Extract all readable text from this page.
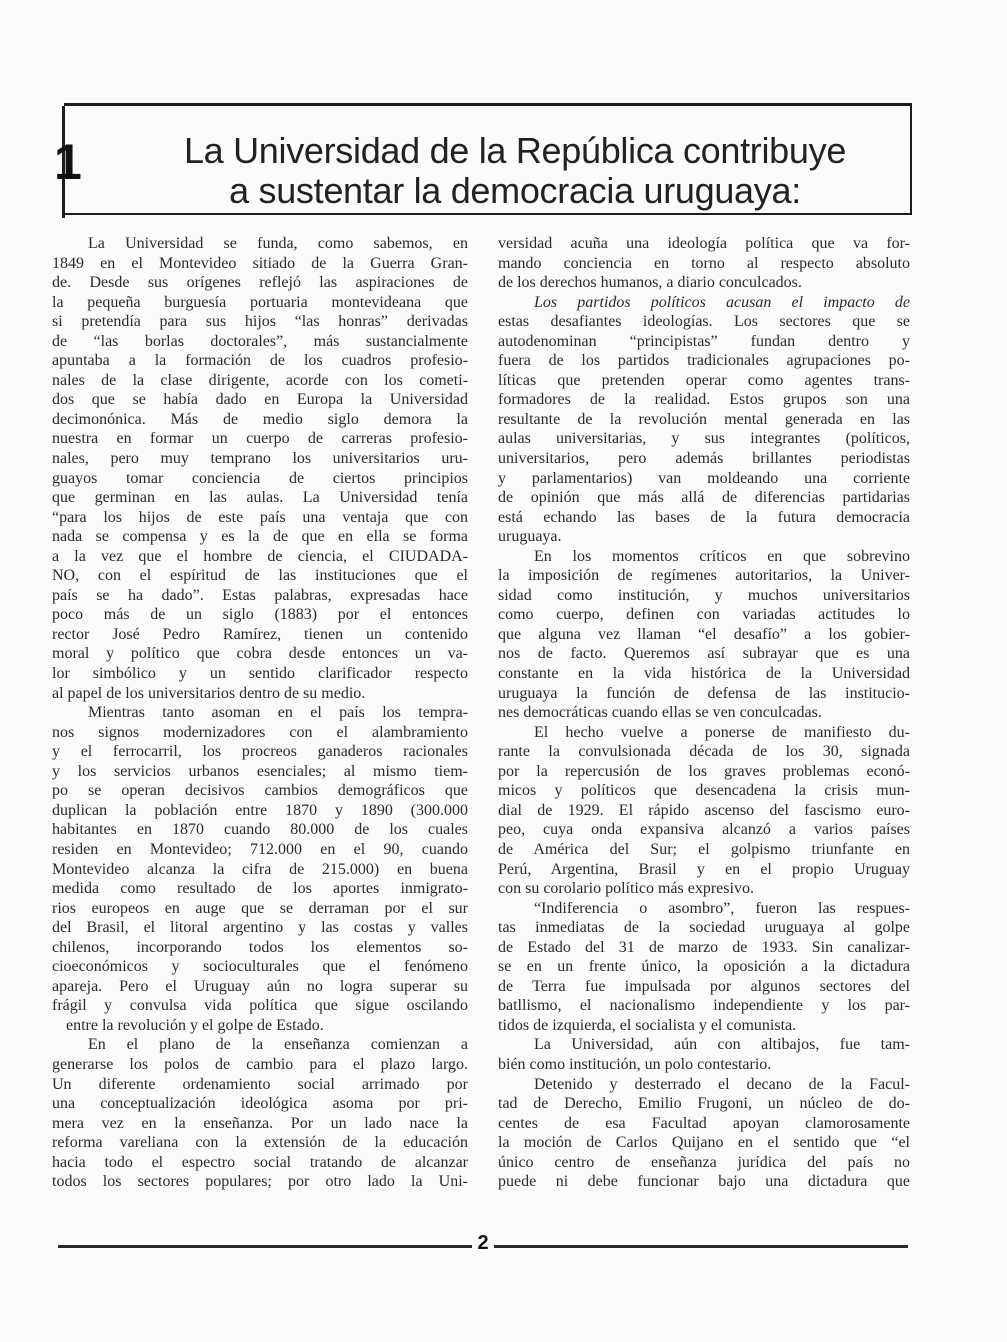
1	La Universidad de la República contribuye
a sustentar la democracia uruguaya:
La Universidad se funda, como sabemos, en
1849 en el Montevideo sitiado de la Guerra Gran-
de. Desde sus orígenes reflejó las aspiraciones de
la pequeña burguesía portuaria montevideana que
si pretendía para sus hijos “las honras” derivadas
de “las borlas doctorales”, más sustancialmente
apuntaba a la formación de los cuadros profesio-
nales de la clase dirigente, acorde con los cometi-
dos que se había dado en Europa la Universidad
decimonónica. Más de medio siglo demora la
nuestra en formar un cuerpo de carreras profesio-
nales, pero muy temprano los universitarios uru-
guayos tomar conciencia de ciertos principios
que germinan en las aulas. La Universidad tenía
“para los hijos de este país una ventaja que con
nada se compensa y es la de que en ella se forma
a la vez que el hombre de ciencia, el CIUDADA-
NO, con el espíritud de las instituciones que el
país se ha dado”. Estas palabras, expresadas hace
poco más de un siglo (1883) por el entonces
rector José Pedro Ramírez, tienen un contenido
moral y político que cobra desde entonces un va-
lor simbólico y un sentido clarificador respecto
al papel de los universitarios dentro de su medio.
Mientras tanto asoman en el país los tempra-
nos signos modernizadores con el alambramiento
y el ferrocarril, los procreos ganaderos racionales
y los servicios urbanos esenciales; al mismo tiem-
po se operan decisivos cambios demográficos que
duplican la población entre 1870 y 1890 (300.000
habitantes en 1870 cuando 80.000 de los cuales
residen en Montevideo; 712.000 en el 90, cuando
Montevideo alcanza la cifra de 215.000) en buena
medida como resultado de los aportes inmigrato-
rios europeos en auge que se derraman por el sur
del Brasil, el litoral argentino y las costas y valles
chilenos, incorporando todos los elementos so-
cioeconómicos y socioculturales que el fenómeno
apareja. Pero el Uruguay aún no logra superar su
frágil y convulsa vida política que sigue oscilando
entre la revolución y el golpe de Estado.
En el plano de la enseñanza comienzan a
generarse los polos de cambio para el plazo largo.
Un diferente ordenamiento social arrimado por
una conceptualización ideológica asoma por pri-
mera vez en la enseñanza. Por un lado nace la
reforma vareliana con la extensión de la educación
hacia todo el espectro social tratando de alcanzar
todos los sectores populares; por otro lado la Uni-
versidad acuña una ideología política que va for-
mando conciencia en torno al respecto absoluto
de los derechos humanos, a diario conculcados.
Los partidos políticos acusan el impacto de
estas desafiantes ideologías. Los sectores que se
autodenominan “principistas” fundan dentro y
fuera de los partidos tradicionales agrupaciones po-
líticas que pretenden operar como agentes trans-
formadores de la realidad. Estos grupos son una
resultante de la revolución mental generada en las
aulas universitarias, y sus integrantes (políticos,
universitarios, pero además brillantes periodistas
y parlamentarios) van moldeando una corriente
de opinión que más allá de diferencias partidarias
está echando las bases de la futura democracia
uruguaya.
En los momentos críticos en que sobrevino
la imposición de regímenes autoritarios, la Univer-
sidad como institución, y muchos universitarios
como cuerpo, definen con variadas actitudes lo
que alguna vez llaman “el desafío” a los gobier-
nos de facto. Queremos así subrayar que es una
constante en la vida histórica de la Universidad
uruguaya la función de defensa de las institucio-
nes democráticas cuando ellas se ven conculcadas.
El hecho vuelve a ponerse de manifiesto du-
rante la convulsionada década de los 30, signada
por la repercusión de los graves problemas econó-
micos y políticos que desencadena la crisis mun-
dial de 1929. El rápido ascenso del fascismo euro-
peo, cuya onda expansiva alcanzó a varios países
de América del Sur; el golpismo triunfante en
Perú, Argentina, Brasil y en el propio Uruguay
con su corolario político más expresivo.
“Indiferencia o asombro”, fueron las respues-
tas inmediatas de la sociedad uruguaya al golpe
de Estado del 31 de marzo de 1933. Sin canalizar-
se en un frente único, la oposición a la dictadura
de Terra fue impulsada por algunos sectores del
batllismo, el nacionalismo independiente y los par-
tidos de izquierda, el socialista y el comunista.
La Universidad, aún con altibajos, fue tam-
bién como institución, un polo contestario.
Detenido y desterrado el decano de la Facul-
tad de Derecho, Emilio Frugoni, un núcleo de do-
centes de esa Facultad apoyan clamorosamente
la moción de Carlos Quijano en el sentido que “el
único centro de enseñanza jurídica del país no
puede ni debe funcionar bajo una dictadura que
2
